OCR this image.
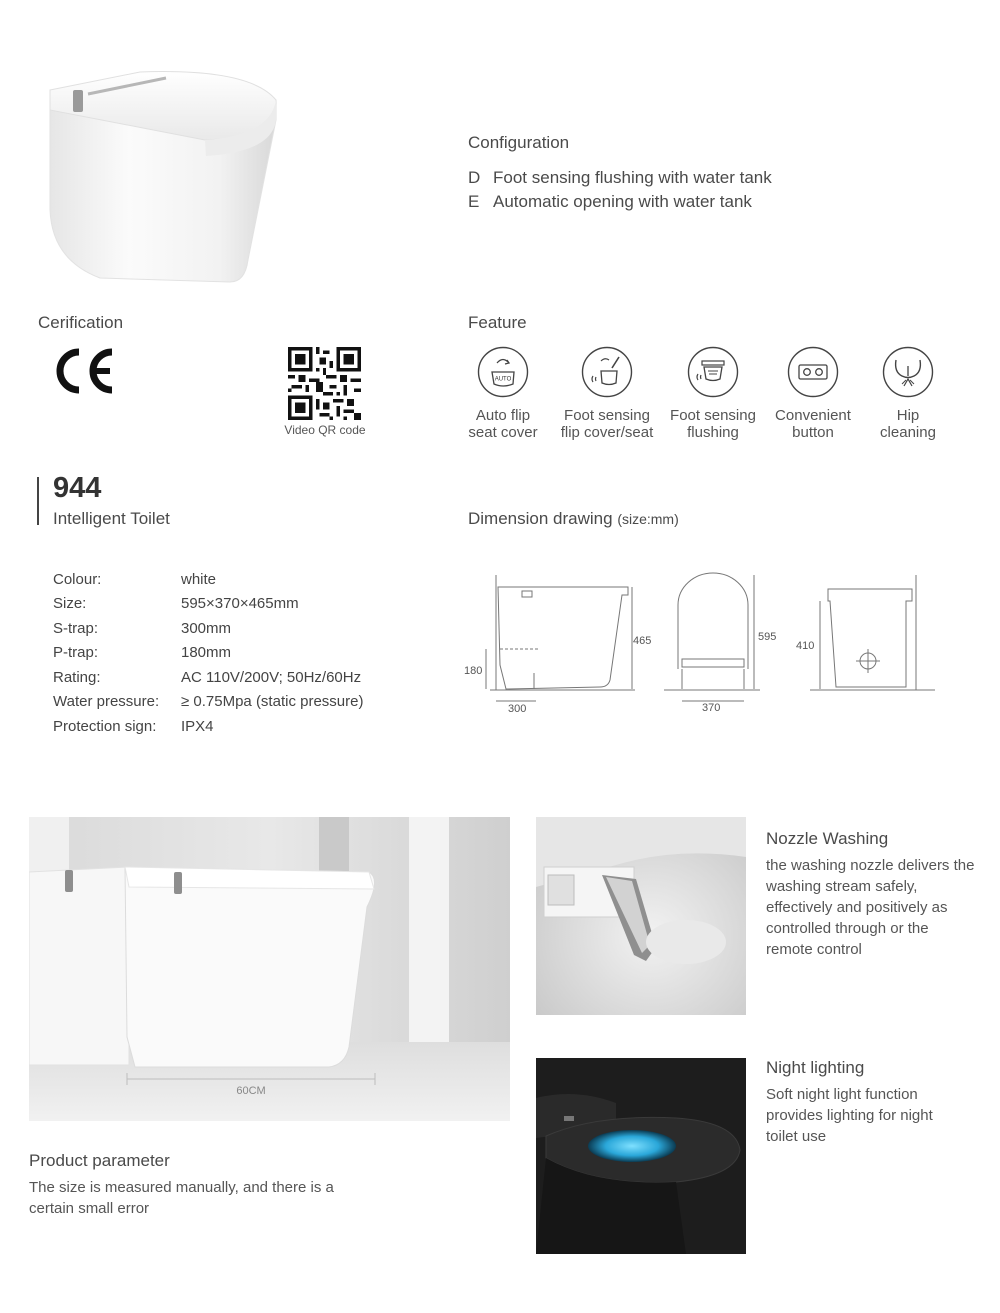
Configuration
D Foot sensing flushing with water tank
E Automatic opening with water tank
Cerification
Video QR code
Feature
AUTO
Auto flip
seat cover
Foot sensing
flip cover/seat
Foot sensing
flushing
Convenient
button
Hip
cleaning
944
Intelligent Toilet
Colour:	white
Size:	595×370×465mm
S-trap:	300mm
P-trap:	180mm
Rating:	AC 110V/200V; 50Hz/60Hz
Water pressure:	≥ 0.75Mpa (static pressure)
Protection sign:	IPX4
Dimension drawing (size:mm)
465
180
300
595
370
410
60CM
Product parameter
The size is measured manually, and there is a certain small error
Nozzle Washing
the washing nozzle delivers the washing stream safely, effectively and positively as controlled through or the remote control
Night lighting
Soft night light function provides lighting for night toilet use
